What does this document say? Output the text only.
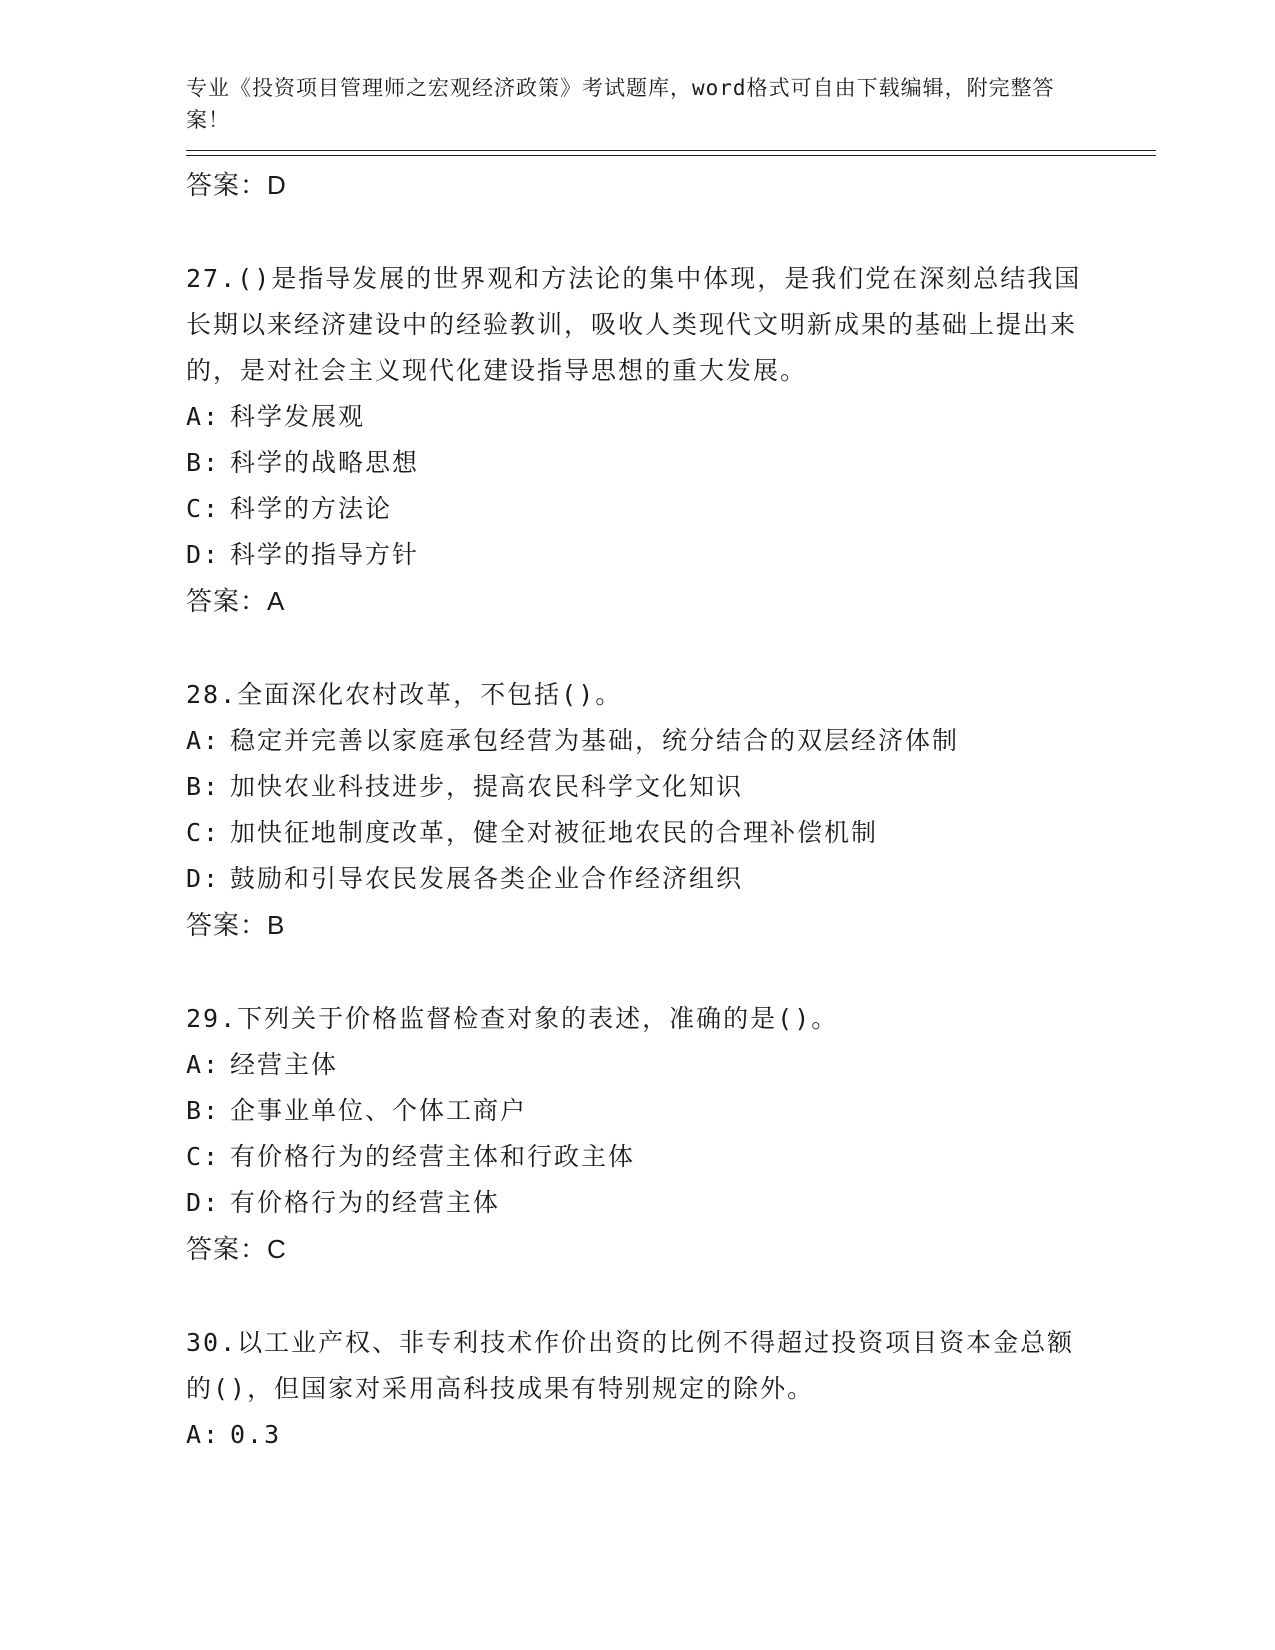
专业《投资项目管理师之宏观经济政策》考试题库，word格式可自由下载编辑，附完整答案！
答案：D
27.()是指导发展的世界观和方法论的集中体现，是我们党在深刻总结我国长期以来经济建设中的经验教训，吸收人类现代文明新成果的基础上提出来的，是对社会主义现代化建设指导思想的重大发展。
A: 科学发展观
B: 科学的战略思想
C: 科学的方法论
D: 科学的指导方针
答案：A
28.全面深化农村改革，不包括()。
A: 稳定并完善以家庭承包经营为基础，统分结合的双层经济体制
B: 加快农业科技进步，提高农民科学文化知识
C: 加快征地制度改革，健全对被征地农民的合理补偿机制
D: 鼓励和引导农民发展各类企业合作经济组织
答案：B
29.下列关于价格监督检查对象的表述，准确的是()。
A: 经营主体
B: 企事业单位、个体工商户
C: 有价格行为的经营主体和行政主体
D: 有价格行为的经营主体
答案：C
30.以工业产权、非专利技术作价出资的比例不得超过投资项目资本金总额的()，但国家对采用高科技成果有特别规定的除外。
A: 0.3
